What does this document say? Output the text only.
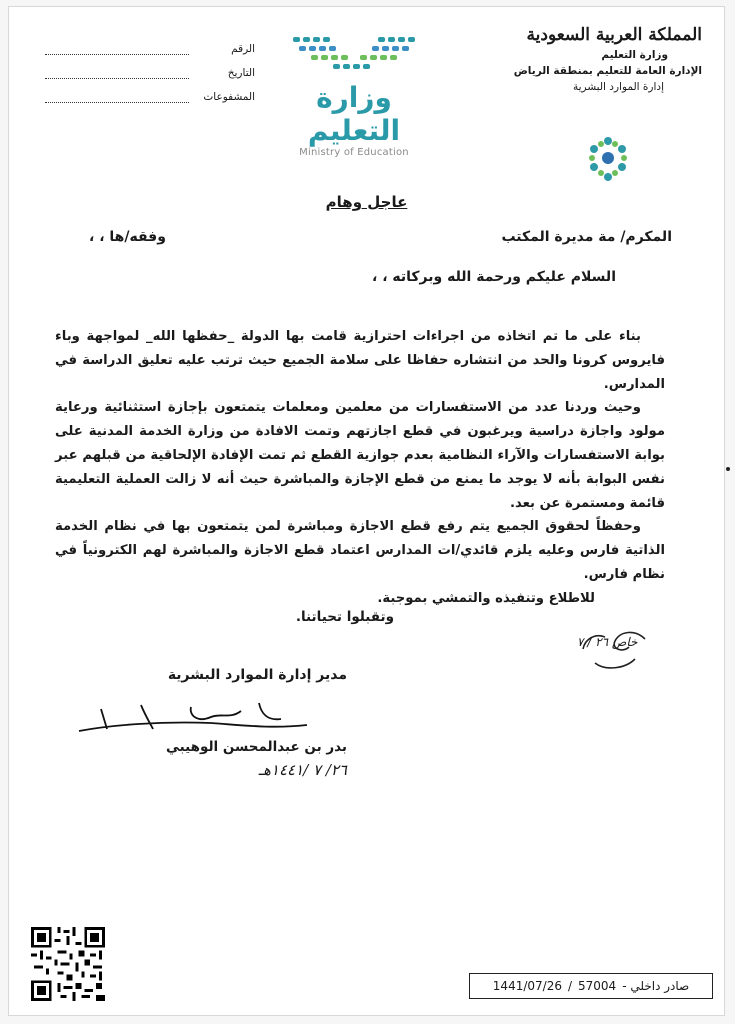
المملكة العربية السعودية
وزارة التعليم
الإدارة العامة للتعليم بمنطقة الرياض
إدارة الموارد البشرية
وزارة التعليم
Ministry of Education
الرقم
التاريخ
المشفوعات
عاجل وهام
المكرم/ مة مديرة المكتب
وفقه/ها ، ،
السلام عليكم ورحمة الله وبركاته ، ،

بناء على ما تم اتخاذه من اجراءات احترازية قامت بها الدولة _حفظها الله_ لمواجهة وباء فايروس كرونا والحد من انتشاره حفاظا على سلامة الجميع حيث ترتب عليه تعليق الدراسة في المدارس.

وحيث وردنا عدد من الاستفسارات من معلمين ومعلمات يتمتعون بإجازة استثنائية ورعاية مولود واجازة دراسية ويرغبون في قطع اجازتهم وتمت الافادة من وزارة الخدمة المدنية على بوابة الاستفسارات والآراء النظامية بعدم جوازية القطع ثم تمت الإفادة الإلحاقية من قبلهم عبر نفس البوابة بأنه لا يوجد ما يمنع من قطع الإجازة والمباشرة حيث أنه لا زالت العملية التعليمية قائمة ومستمرة عن بعد.

وحفظاً لحقوق الجميع يتم رفع قطع الاجازة ومباشرة لمن يتمتعون بها في نظام الخدمة الذاتية فارس وعليه يلزم قائدي/ات المدارس اعتماد قطع الاجازة والمباشرة لهم الكترونياً في نظام فارس.

للاطلاع وتنفيذه والتمشي بموجبة.

وتقبلوا تحياتنا.
خاص ٢٦ / ٧
مدير إدارة الموارد البشرية
بدر بن عبدالمحسن الوهيبي
٢٦/ ٧ /١٤٤١هـ
صادر داخلي -
57004
/
1441/07/26
